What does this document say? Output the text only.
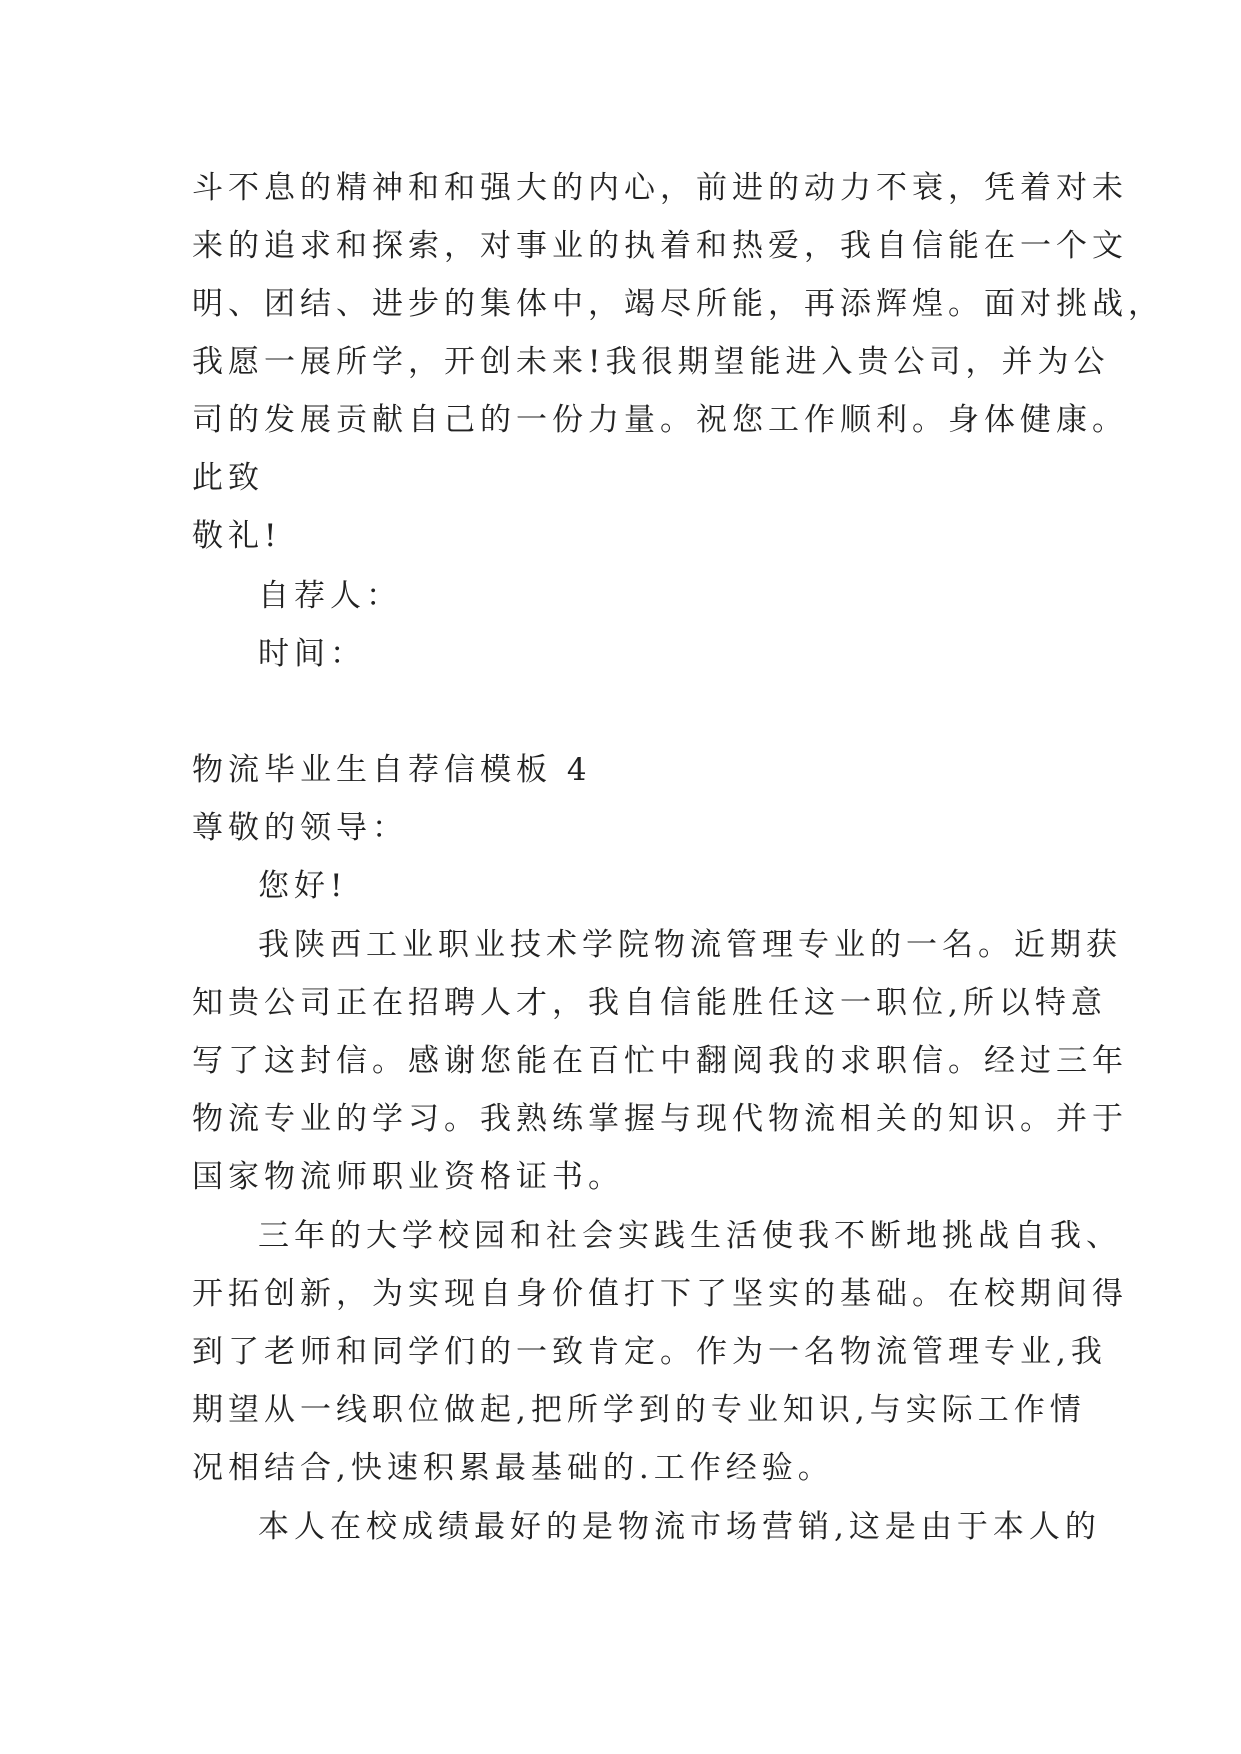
斗不息的精神和和强大的内心，前进的动力不衰，凭着对未
来的追求和探索，对事业的执着和热爱，我自信能在一个文
明、团结、进步的集体中，竭尽所能，再添辉煌。面对挑战，
我愿一展所学，开创未来!我很期望能进入贵公司，并为公
司的发展贡献自己的一份力量。祝您工作顺利。身体健康。
此致
敬礼!
自荐人：
时间：
物流毕业生自荐信模板 4
尊敬的领导：
您好!
我陕西工业职业技术学院物流管理专业的一名。近期获
知贵公司正在招聘人才，我自信能胜任这一职位,所以特意
写了这封信。感谢您能在百忙中翻阅我的求职信。经过三年
物流专业的学习。我熟练掌握与现代物流相关的知识。并于
国家物流师职业资格证书。
三年的大学校园和社会实践生活使我不断地挑战自我、
开拓创新，为实现自身价值打下了坚实的基础。在校期间得
到了老师和同学们的一致肯定。作为一名物流管理专业,我
期望从一线职位做起,把所学到的专业知识,与实际工作情
况相结合,快速积累最基础的.工作经验。
本人在校成绩最好的是物流市场营销,这是由于本人的
